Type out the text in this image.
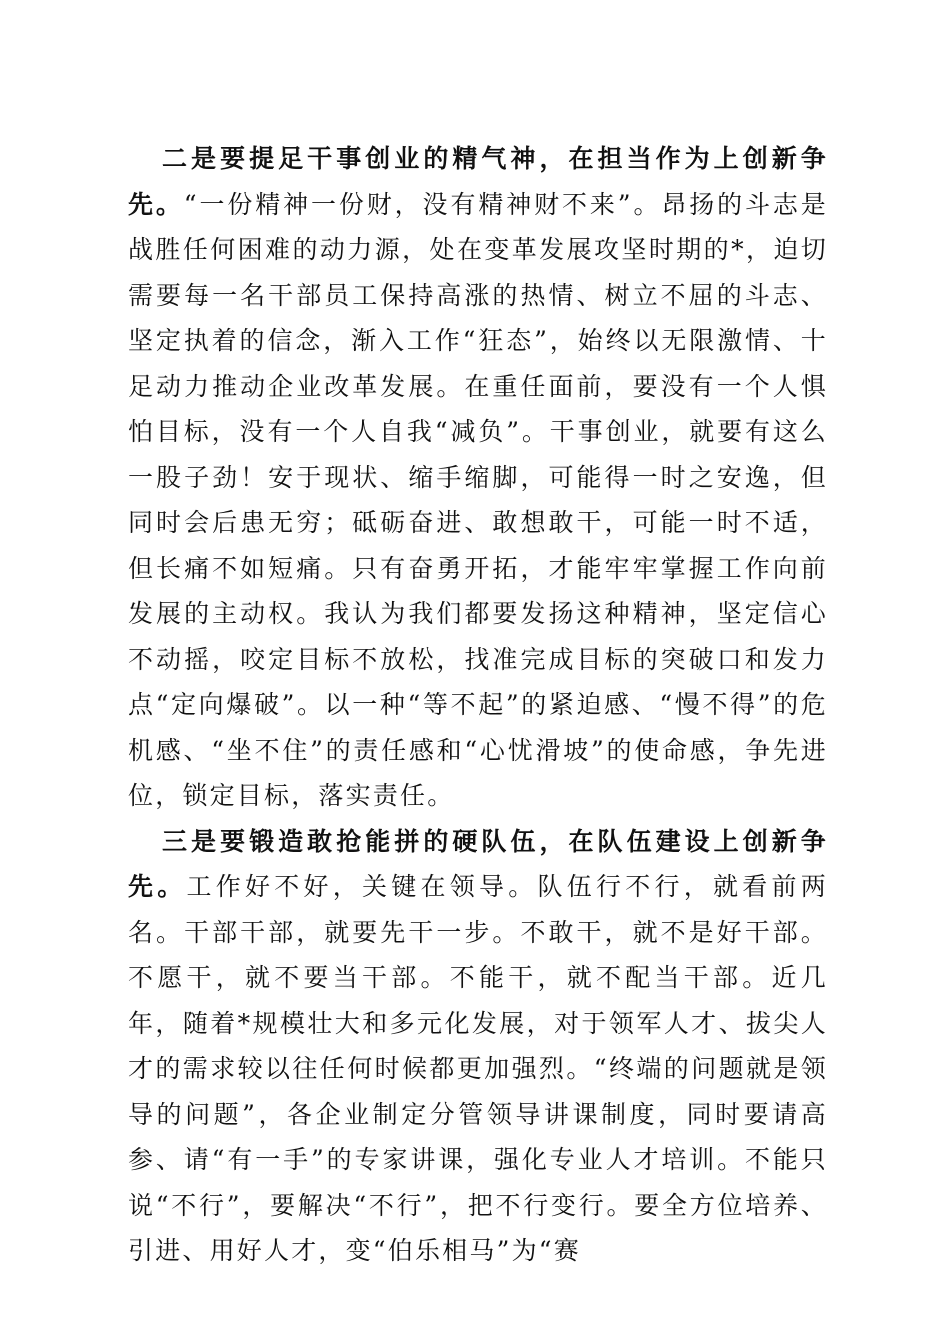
二是要提足干事创业的精气神，在担当作为上创新争先。“一份精神一份财，没有精神财不来”。昂扬的斗志是战胜任何困难的动力源，处在变革发展攻坚时期的*，迫切需要每一名干部员工保持高涨的热情、树立不屈的斗志、坚定执着的信念，渐入工作“狂态”，始终以无限激情、十足动力推动企业改革发展。在重任面前，要没有一个人惧怕目标，没有一个人自我“减负”。干事创业，就要有这么一股子劲！安于现状、缩手缩脚，可能得一时之安逸，但同时会后患无穷；砥砺奋进、敢想敢干，可能一时不适，但长痛不如短痛。只有奋勇开拓，才能牢牢掌握工作向前发展的主动权。我认为我们都要发扬这种精神，坚定信心不动摇，咬定目标不放松，找准完成目标的突破口和发力点“定向爆破”。以一种“等不起”的紧迫感、“慢不得”的危机感、“坐不住”的责任感和“心忧滑坡”的使命感，争先进位，锁定目标，落实责任。

三是要锻造敢抢能拼的硬队伍，在队伍建设上创新争先。工作好不好，关键在领导。队伍行不行，就看前两名。干部干部，就要先干一步。不敢干，就不是好干部。不愿干，就不要当干部。不能干，就不配当干部。近几年，随着*规模壮大和多元化发展，对于领军人才、拔尖人才的需求较以往任何时候都更加强烈。“终端的问题就是领导的问题”，各企业制定分管领导讲课制度，同时要请高参、请“有一手”的专家讲课，强化专业人才培训。不能只说“不行”，要解决“不行”，把不行变行。要全方位培养、引进、用好人才，变“伯乐相马”为“赛
